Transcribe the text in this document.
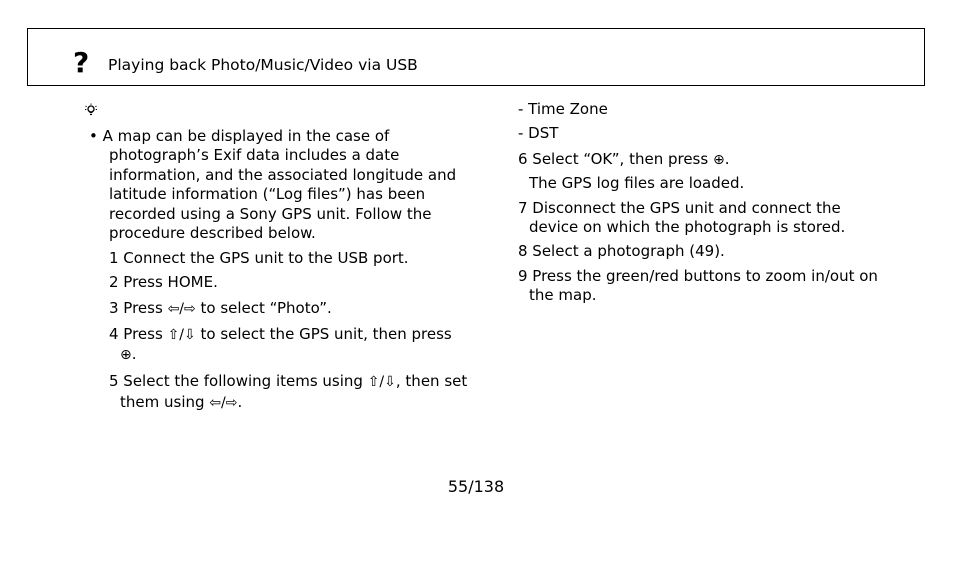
? Playing back Photo/Music/Video via USB
• A map can be displayed in the case of
photograph’s Exif data includes a date
information, and the associated longitude and
latitude information (“Log files”) has been
recorded using a Sony GPS unit. Follow the
procedure described below.
1 Connect the GPS unit to the USB port.
2 Press HOME.
3 Press ⇦/⇨ to select “Photo”.
4 Press ⇧/⇩ to select the GPS unit, then press
⊕.
5 Select the following items using ⇧/⇩, then set
them using ⇦/⇨.
- Time Zone
- DST
6 Select “OK”, then press ⊕.
The GPS log files are loaded.
7 Disconnect the GPS unit and connect the
device on which the photograph is stored.
8 Select a photograph (49).
9 Press the green/red buttons to zoom in/out on
the map.
55/138
